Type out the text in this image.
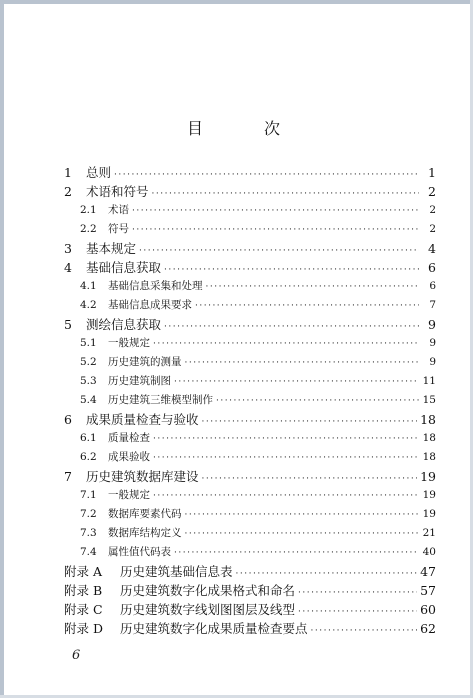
目 次
1	总则 ·····	1
2	术语和符号 ·····	2
2.1	术语 ·····	2
2.2	符号 ·····	2
3	基本规定 ·····	4
4	基础信息获取 ·····	6
4.1	基础信息采集和处理 ·····	6
4.2	基础信息成果要求 ·····	7
5	测绘信息获取 ·····	9
5.1	一般规定 ·····	9
5.2	历史建筑的测量 ·····	9
5.3	历史建筑制图 ·····	11
5.4	历史建筑三维模型制作 ·····	15
6	成果质量检查与验收 ·····	18
6.1	质量检查 ·····	18
6.2	成果验收 ·····	18
7	历史建筑数据库建设 ·····	19
7.1	一般规定 ·····	19
7.2	数据库要素代码 ·····	19
7.3	数据库结构定义 ·····	21
7.4	属性值代码表 ·····	40
附录 A	历史建筑基础信息表 ·····	47
附录 B	历史建筑数字化成果格式和命名 ·····	57
附录 C	历史建筑数字线划图图层及线型 ·····	60
附录 D	历史建筑数字化成果质量检查要点 ·····	62
6
